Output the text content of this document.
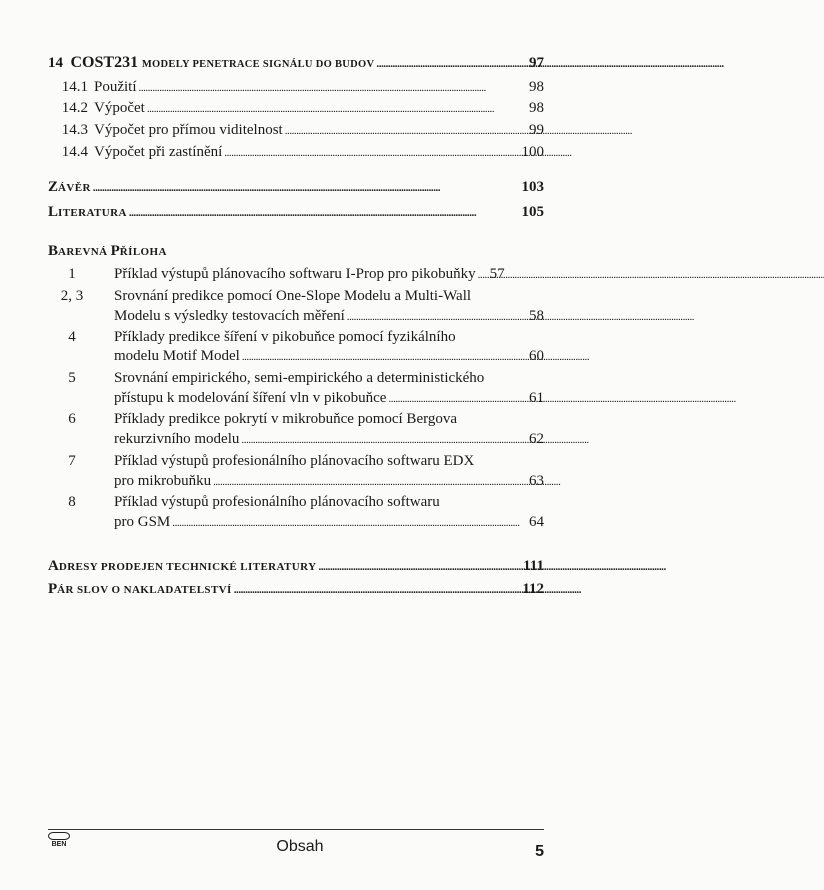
14 COST231 MODELY PENETRACE SIGNÁLU DO BUDOV . . .	97
14.1 Použití . . .	98
14.2 Výpočet . . .	98
14.3 Výpočet pro přímou viditelnost . . .	99
14.4 Výpočet při zastínění . . .	100
ZÁVĚR . . .	103
LITERATURA . . .	105
BAREVNÁ PŘÍLOHA
1	Příklad výstupů plánovacího softwaru I-Prop pro pikobuňky . . . 57
2, 3	Srovnání predikce pomocí One-Slope Modelu a Multi-Wall
Modelu s výsledky testovacích měření . . .	58
4	Příklady predikce šíření v pikobuňce pomocí fyzikálního
modelu Motif Model . . .	60
5	Srovnání empirického, semi-empirického a deterministického
přístupu k modelování šíření vln v pikobuňce . . .	61
6	Příklady predikce pokrytí v mikrobuňce pomocí Bergova
rekurzivního modelu . . .	62
7	Příklad výstupů profesionálního plánovacího softwaru EDX
pro mikrobuňku . . .	63
8	Příklad výstupů profesionálního plánovacího softwaru
pro GSM . . .	64
ADRESY PRODEJEN TECHNICKÉ LITERATURY . . .	111
PÁR SLOV O NAKLADATELSTVÍ . . .	112
BEN	Obsah	5
